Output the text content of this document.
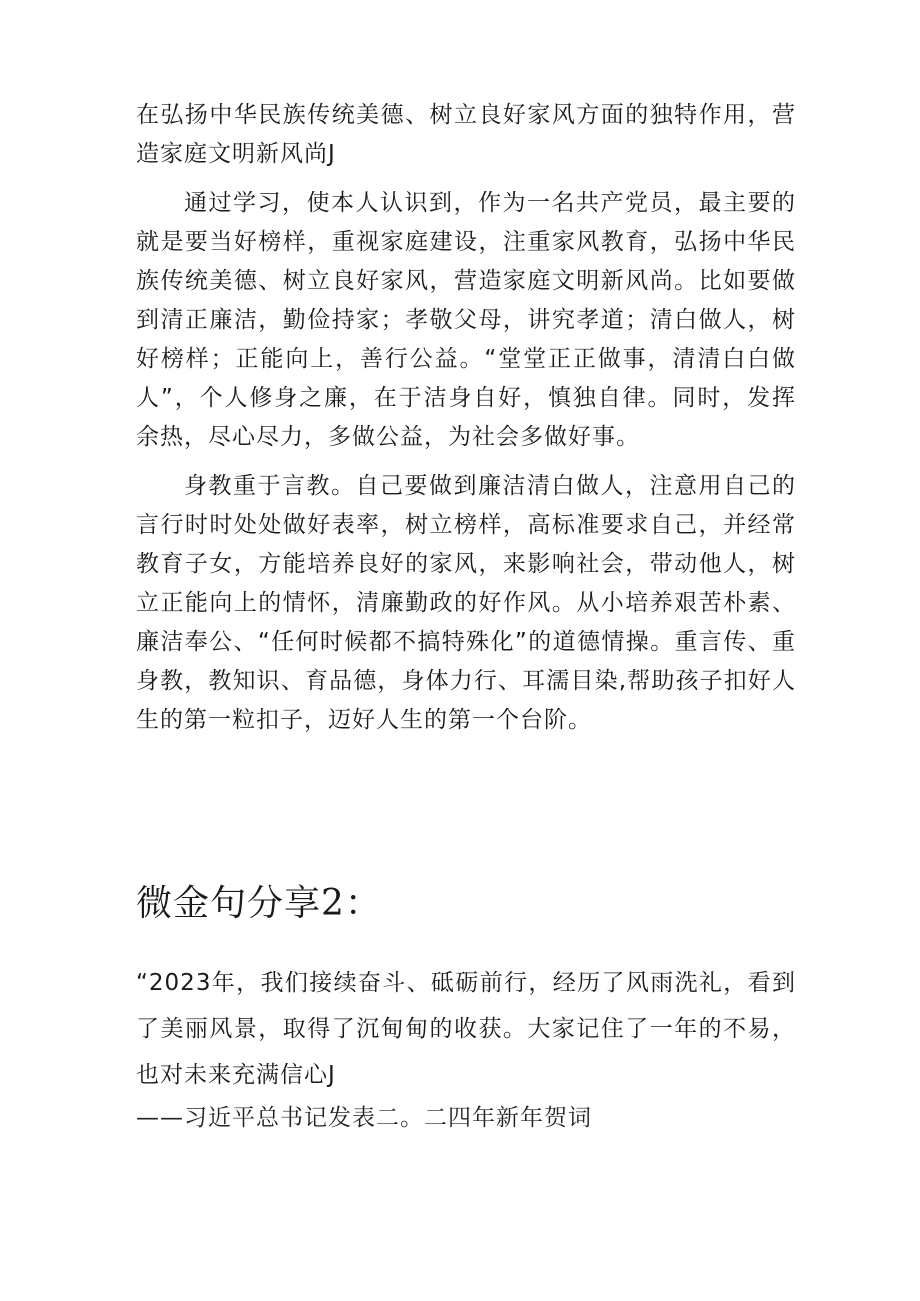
在弘扬中华民族传统美德、树立良好家风方面的独特作用，营造家庭文明新风尚J

通过学习，使本人认识到，作为一名共产党员，最主要的就是要当好榜样，重视家庭建设，注重家风教育，弘扬中华民族传统美德、树立良好家风，营造家庭文明新风尚。比如要做到清正廉洁，勤俭持家；孝敬父母，讲究孝道；清白做人，树好榜样；正能向上，善行公益。“堂堂正正做事，清清白白做人”，个人修身之廉，在于洁身自好，慎独自律。同时，发挥余热，尽心尽力，多做公益，为社会多做好事。

身教重于言教。自己要做到廉洁清白做人，注意用自己的言行时时处处做好表率，树立榜样，高标准要求自己，并经常教育子女，方能培养良好的家风，来影响社会，带动他人，树立正能向上的情怀，清廉勤政的好作风。从小培养艰苦朴素、廉洁奉公、“任何时候都不搞特殊化”的道德情操。重言传、重身教，教知识、育品德，身体力行、耳濡目染,帮助孩子扣好人生的第一粒扣子，迈好人生的第一个台阶。

微金句分享2：

“2023年，我们接续奋斗、砥砺前行，经历了风雨洗礼，看到了美丽风景，取得了沉甸甸的收获。大家记住了一年的不易，也对未来充满信心J

——习近平总书记发表二。二四年新年贺词
